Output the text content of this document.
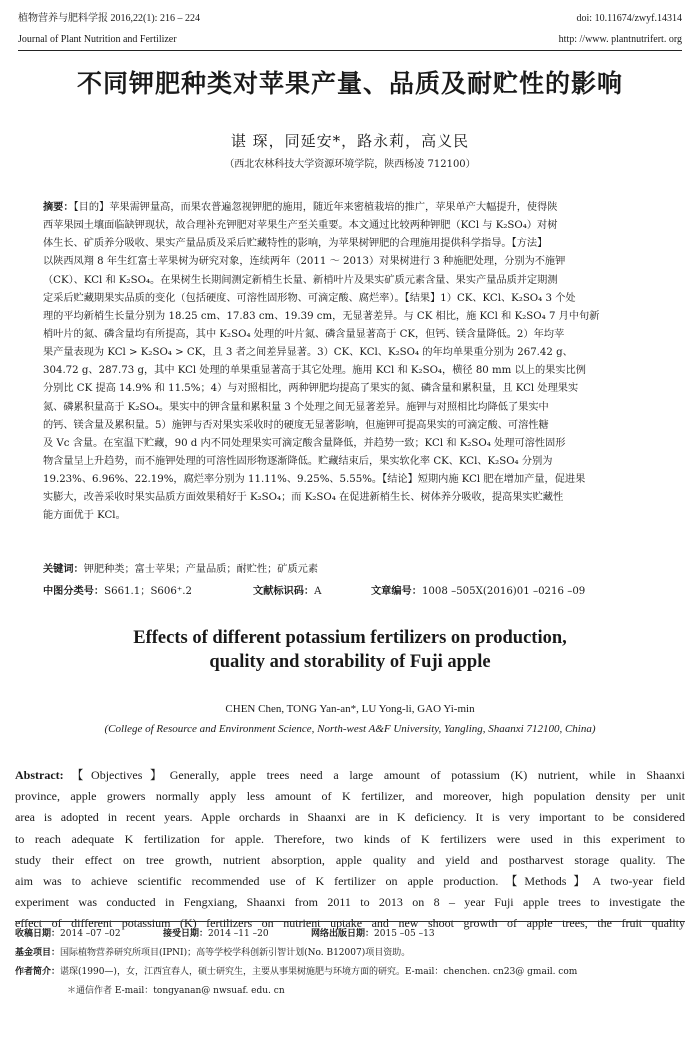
植物营养与肥料学报 2016,22(1): 216 – 224	doi: 10.11674/zwyf.14314
Journal of Plant Nutrition and Fertilizer	http: //www. plantnutrifert. org
不同钾肥种类对苹果产量、品质及耐贮性的影响
谌 琛，同延安*，路永莉，高义民
（西北农林科技大学资源环境学院，陕西杨凌 712100）
摘要：【目的】苹果需钾量高，而果农普遍忽视钾肥的施用，随近年来密植栽培的推广，苹果单产大幅提升，使得陕
西苹果园土壤面临缺钾现状，故合理补充钾肥对苹果生产至关重要。本文通过比较两种钾肥（KCl 与 K₂SO₄）对树
体生长、矿质养分吸收、果实产量品质及采后贮藏特性的影响，为苹果树钾肥的合理施用提供科学指导。【方法】
以陕西凤翔 8 年生红富士苹果树为研究对象，连续两年（2011 ～ 2013）对果树进行 3 种施肥处理，分别为不施钾
（CK）、KCl 和 K₂SO₄。在果树生长期间测定新梢生长量、新梢叶片及果实矿质元素含量、果实产量品质并定期测
定采后贮藏期果实品质的变化（包括硬度、可溶性固形物、可滴定酸、腐烂率）。【结果】1）CK、KCl、K₂SO₄ 3 个处
理的平均新梢生长量分别为 18.25 cm、17.83 cm、19.39 cm，无显著差异。与 CK 相比，施 KCl 和 K₂SO₄ 7 月中旬新
梢叶片的氮、磷含量均有所提高，其中 K₂SO₄ 处理的叶片氮、磷含量显著高于 CK，但钙、镁含量降低。2）年均苹
果产量表现为 KCl > K₂SO₄ > CK，且 3 者之间差异显著。3）CK、KCl、K₂SO₄ 的年均单果重分别为 267.42 g、
304.72 g、287.73 g，其中 KCl 处理的单果重显著高于其它处理。施用 KCl 和 K₂SO₄，横径 80 mm 以上的果实比例
分别比 CK 提高 14.9% 和 11.5%；4）与对照相比，两种钾肥均提高了果实的氮、磷含量和累积量，且 KCl 处理果实
氮、磷累积量高于 K₂SO₄。果实中的钾含量和累积量 3 个处理之间无显著差异。施钾与对照相比均降低了果实中
的钙、镁含量及累积量。5）施钾与否对果实采收时的硬度无显著影响，但施钾可提高果实的可滴定酸、可溶性糖
及 Vc 含量。在室温下贮藏，90 d 内不同处理果实可滴定酸含量降低，并趋势一致；KCl 和 K₂SO₄ 处理可溶性固形
物含量呈上升趋势，而不施钾处理的可溶性固形物逐渐降低。贮藏结束后，果实软化率 CK、KCl、K₂SO₄ 分别为
19.23%、6.96%、22.19%，腐烂率分别为 11.11%、9.25%、5.55%。【结论】短期内施 KCl 肥在增加产量，促进果
实膨大，改善采收时果实品质方面效果稍好于 K₂SO₄；而 K₂SO₄ 在促进新梢生长、树体养分吸收，提高果实贮藏性
能方面优于 KCl。
关键词：钾肥种类；富士苹果；产量品质；耐贮性；矿质元素
中图分类号：S661.1；S606⁺.2	文献标识码：A	文章编号：1008 –505X(2016)01 –0216 –09
Effects of different potassium fertilizers on production,
quality and storability of Fuji apple
CHEN Chen, TONG Yan-an*, LU Yong-li, GAO Yi-min
(College of Resource and Environment Science, North-west A&F University, Yangling, Shaanxi 712100, China)
Abstract:【Objectives】Generally, apple trees need a large amount of potassium (K) nutrient, while in Shaanxi
province, apple growers normally apply less amount of K fertilizer, and moreover, high population density per unit
area is adopted in recent years. Apple orchards in Shaanxi are in K deficiency. It is very important to be considered
to reach adequate K fertilization for apple. Therefore, two kinds of K fertilizers were used in this experiment to
study their effect on tree growth, nutrient absorption, apple quality and yield and postharvest storage quality. The
aim was to achieve scientific recommended use of K fertilizer on apple production.【Methods】A two-year field
experiment was conducted in Fengxiang, Shaanxi from 2011 to 2013 on 8 – year Fuji apple trees to investigate the
effect of different potassium (K) fertilizers on nutrient uptake and new shoot growth of apple trees, the fruit quality
收稿日期：2014 –07 –02	接受日期：2014 –11 –20	网络出版日期：2015 –05 –13
基金项目：国际植物营养研究所项目(IPNI)；高等学校学科创新引智计划(No. B12007)项目资助。
作者简介：谌琛(1990—)，女，江西宜春人，硕士研究生，主要从事果树施肥与环境方面的研究。E-mail：chenchen. cn23@ gmail. com
＊通信作者 E-mail：tongyanan@ nwsuaf. edu. cn
